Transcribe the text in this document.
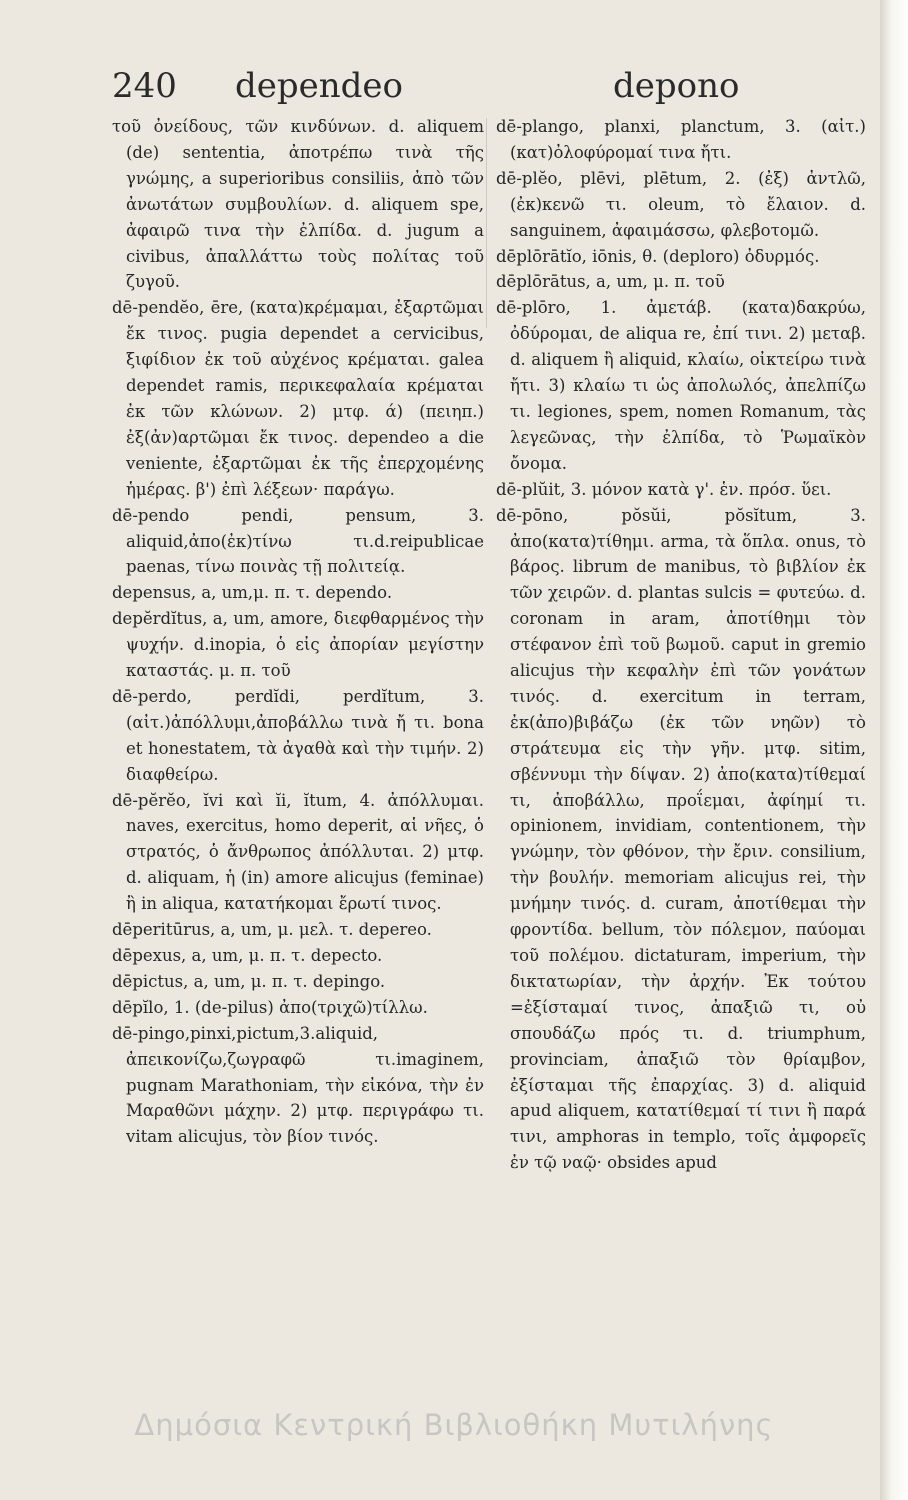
240 dependeo	depono

τοῦ ὀνείδους, τῶν κινδύνων. d. aliquem (de) sententia, ἀποτρέπω τινὰ τῆς γνώμης, a superioribus consiliis, ἀπὸ τῶν ἀνωτάτων συμβουλίων. d. aliquem spe, ἀφαιρῶ τινα τὴν ἐλπίδα. d. jugum a civibus, ἀπαλλάττω τοὺς πολίτας τοῦ ζυγοῦ.

dē-pendĕo, ēre, (κατα)κρέμαμαι, ἐξαρτῶμαι ἔκ τινος. pugia dependet a cervicibus, ξιφίδιον ἐκ τοῦ αὐχένος κρέμαται. galea dependet ramis, περικεφαλαία κρέμαται ἐκ τῶν κλώνων. 2) μτφ. ά) (πειηπ.) ἐξ(ἀν)αρτῶμαι ἔκ τινος. dependeo a die veniente, ἐξαρτῶμαι ἐκ τῆς ἐπερχομένης ἡμέρας. β') ἐπὶ λέξεων· παράγω.

dē-pendo pendi, pensum, 3. aliquid,ἀπο(ἐκ)τίνω τι.d.reipublicae paenas, τίνω ποινὰς τῇ πολιτείᾳ.

depensus, a, um,μ. π. τ. dependo.

depĕrdĭtus, a, um, amore, διεφθαρμένος τὴν ψυχήν. d.inopia, ὁ εἰς ἀπορίαν μεγίστην καταστάς. μ. π. τοῦ

dē-perdo, perdĭdi, perdĭtum, 3. (αἰτ.)ἀπόλλυμι,ἀποβάλλω τινὰ ἤ τι. bona et honestatem, τὰ ἀγαθὰ καὶ τὴν τιμήν. 2) διαφθείρω.

dē-pĕrĕo, ĭvi καὶ ĭi, ĭtum, 4. ἀπόλλυμαι. naves, exercitus, homo deperit, αἱ νῆες, ὁ στρατός, ὁ ἄνθρωπος ἀπόλλυται. 2) μτφ. d. aliquam, ἡ (in) amore alicujus (feminae) ἢ in aliqua, κατατήκομαι ἔρωτί τινος.

dēperitūrus, a, um, μ. μελ. τ. depereo.

dēpexus, a, um, μ. π. τ. depecto.

dēpictus, a, um, μ. π. τ. depingo.

dēpĭlo, 1. (de-pilus) ἀπο(τριχῶ)τίλλω.

dē-pingo,pinxi,pictum,3.aliquid, ἀπεικονίζω,ζωγραφῶ τι.imaginem, pugnam Marathoniam, τὴν εἰκόνα, τὴν ἐν Μαραθῶνι μάχην. 2) μτφ. περιγράφω τι. vitam alicujus, τὸν βίον τινός.

dē-plango, planxi, planctum, 3. (αἰτ.) (κατ)ὀλοφύρομαί τινα ἤτι.

dē-plĕo, plēvi, plētum, 2. (ἐξ) ἀντλῶ, (ἐκ)κενῶ τι. oleum, τὸ ἔλαιον. d. sanguinem, ἀφαιμάσσω, φλεβοτομῶ.

dēplōrātĭo, iōnis, θ. (deploro) ὀδυρμός.

dēplōrātus, a, um, μ. π. τοῦ

dē-plōro, 1. ἀμετάβ. (κατα)δακρύω, ὀδύρομαι, de aliqua re, ἐπί τινι. 2) μεταβ. d. aliquem ἢ aliquid, κλαίω, οἰκτείρω τινὰ ἤτι. 3) κλαίω τι ὡς ἀπολωλός, ἀπελπίζω τι. legiones, spem, nomen Romanum, τὰς λεγεῶνας, τὴν ἐλπίδα, τὸ Ῥωμαϊκὸν ὄνομα.

dē-plŭit, 3. μόνον κατὰ γ'. ἑν. πρόσ. ὕει.

dē-pōno, pŏsŭi, pŏsĭtum, 3. ἀπο(κατα)τίθημι. arma, τὰ ὅπλα. onus, τὸ βάρος. librum de manibus, τὸ βιβλίον ἐκ τῶν χειρῶν. d. plantas sulcis = φυτεύω. d. coronam in aram, ἀποτίθημι τὸν στέφανον ἐπὶ τοῦ βωμοῦ. caput in gremio alicujus τὴν κεφαλὴν ἐπὶ τῶν γονάτων τινός. d. exercitum in terram, ἐκ(ἀπο)βιβάζω (ἐκ τῶν νηῶν) τὸ στράτευμα εἰς τὴν γῆν. μτφ. sitim, σβέννυμι τὴν δίψαν. 2) ἀπο(κατα)τίθεμαί τι, ἀποβάλλω, προΐεμαι, ἀφίημί τι. opinionem, invidiam, contentionem, τὴν γνώμην, τὸν φθόνον, τὴν ἔριν. consilium, τὴν βουλήν. memoriam alicujus rei, τὴν μνήμην τινός. d. curam, ἀποτίθεμαι τὴν φροντίδα. bellum, τὸν πόλεμον, παύομαι τοῦ πολέμου. dictaturam, imperium, τὴν δικτατωρίαν, τὴν ἀρχήν. Ἐκ τούτου =ἐξίσταμαί τινος, ἀπαξιῶ τι, οὐ σπουδάζω πρός τι. d. triumphum, provinciam, ἀπαξιῶ τὸν θρίαμβον, ἐξίσταμαι τῆς ἐπαρχίας. 3) d. aliquid apud aliquem, κατατίθεμαί τί τινι ἢ παρά τινι, amphoras in templo, τοῖς ἀμφορεῖς ἐν τῷ ναῷ· obsides apud

Δημόσια Κεντρική Βιβλιοθήκη Μυτιλήνης
